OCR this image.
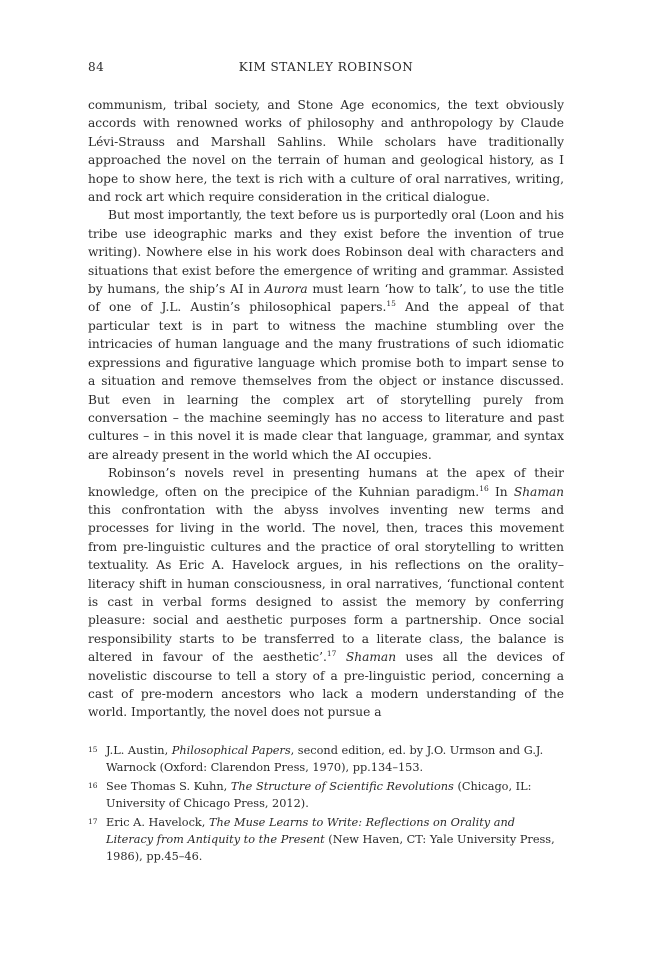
84	KIM STANLEY ROBINSON

communism, tribal society, and Stone Age economics, the text obviously accords with renowned works of philosophy and anthropology by Claude Lévi-Strauss and Marshall Sahlins. While scholars have traditionally approached the novel on the terrain of human and geological history, as I hope to show here, the text is rich with a culture of oral narratives, writing, and rock art which require consideration in the critical dialogue.

But most importantly, the text before us is purportedly oral (Loon and his tribe use ideographic marks and they exist before the invention of true writing). Nowhere else in his work does Robinson deal with characters and situations that exist before the emergence of writing and grammar. Assisted by humans, the ship’s AI in Aurora must learn ‘how to talk’, to use the title of one of J.L. Austin’s philosophical papers.$^{15}$ And the appeal of that particular text is in part to witness the machine stumbling over the intricacies of human language and the many frustrations of such idiomatic expressions and figurative language which promise both to impart sense to a situation and remove themselves from the object or instance discussed. But even in learning the complex art of storytelling purely from conversation – the machine seemingly has no access to literature and past cultures – in this novel it is made clear that language, grammar, and syntax are already present in the world which the AI occupies.

Robinson’s novels revel in presenting humans at the apex of their knowledge, often on the precipice of the Kuhnian paradigm.$^{16}$ In Shaman this confrontation with the abyss involves inventing new terms and processes for living in the world. The novel, then, traces this movement from pre-linguistic cultures and the practice of oral storytelling to written textuality. As Eric A. Havelock argues, in his reflections on the orality–literacy shift in human consciousness, in oral narratives, ‘functional content is cast in verbal forms designed to assist the memory by conferring pleasure: social and aesthetic purposes form a partnership. Once social responsibility starts to be transferred to a literate class, the balance is altered in favour of the aesthetic’.$^{17}$ Shaman uses all the devices of novelistic discourse to tell a story of a pre-linguistic period, concerning a cast of pre-modern ancestors who lack a modern understanding of the world. Importantly, the novel does not pursue a

15 J.L. Austin, Philosophical Papers, second edition, ed. by J.O. Urmson and G.J. Warnock (Oxford: Clarendon Press, 1970), pp.134–153.
16 See Thomas S. Kuhn, The Structure of Scientific Revolutions (Chicago, IL: University of Chicago Press, 2012).
17 Eric A. Havelock, The Muse Learns to Write: Reflections on Orality and Literacy from Antiquity to the Present (New Haven, CT: Yale University Press, 1986), pp.45–46.
